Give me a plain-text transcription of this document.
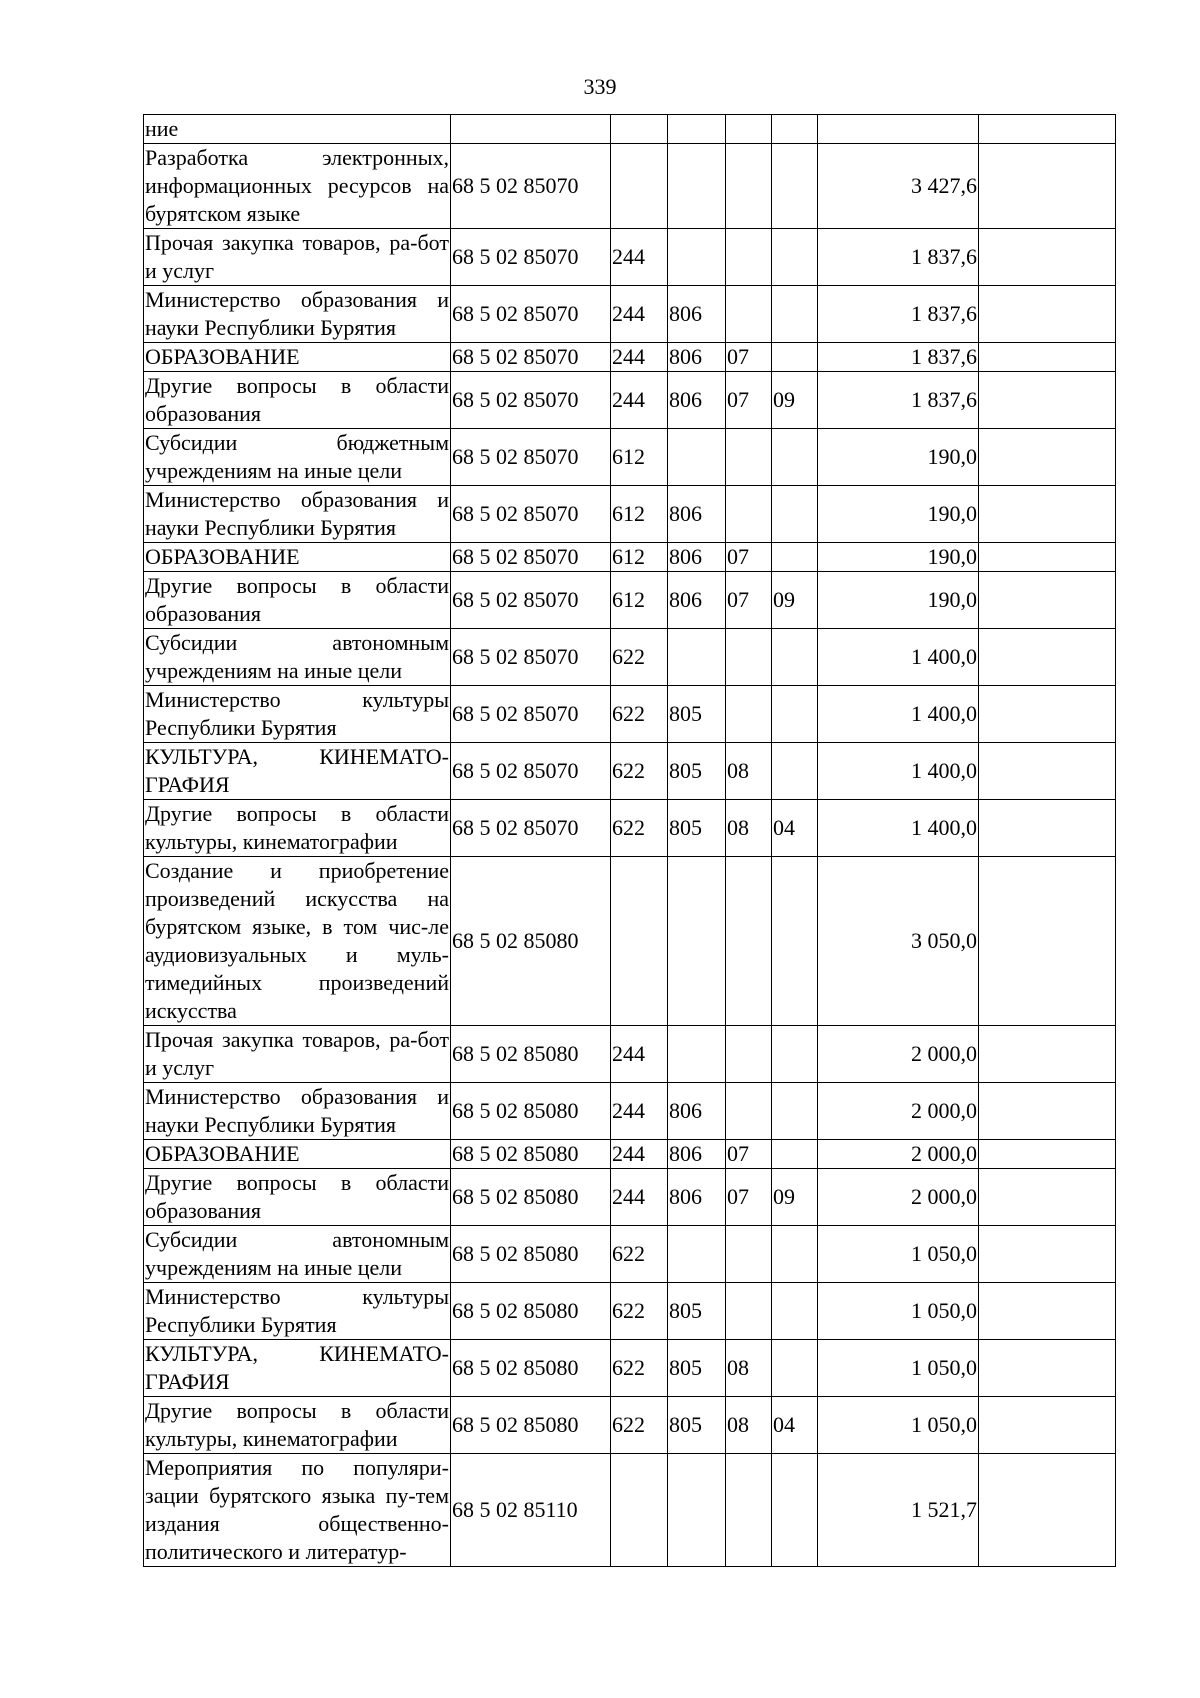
339
ние							
Разработка электронных, информационных ресурсов на бурятском языке	68 5 02 85070					3 427,6	
Прочая закупка товаров, ра-бот и услуг	68 5 02 85070	244				1 837,6	
Министерство образования и науки Республики Бурятия	68 5 02 85070	244	806			1 837,6	
ОБРАЗОВАНИЕ	68 5 02 85070	244	806	07		1 837,6	
Другие вопросы в области образования	68 5 02 85070	244	806	07	09	1 837,6	
Субсидии бюджетным учреждениям на иные цели	68 5 02 85070	612				190,0	
Министерство образования и науки Республики Бурятия	68 5 02 85070	612	806			190,0	
ОБРАЗОВАНИЕ	68 5 02 85070	612	806	07		190,0	
Другие вопросы в области образования	68 5 02 85070	612	806	07	09	190,0	
Субсидии автономным учреждениям на иные цели	68 5 02 85070	622				1 400,0	
Министерство культуры Республики Бурятия	68 5 02 85070	622	805			1 400,0	
КУЛЬТУРА, КИНЕМАТО-ГРАФИЯ	68 5 02 85070	622	805	08		1 400,0	
Другие вопросы в области культуры, кинематографии	68 5 02 85070	622	805	08	04	1 400,0	
Создание и приобретение произведений искусства на бурятском языке, в том чис-ле аудиовизуальных и муль-тимедийных произведений искусства	68 5 02 85080					3 050,0	
Прочая закупка товаров, ра-бот и услуг	68 5 02 85080	244				2 000,0	
Министерство образования и науки Республики Бурятия	68 5 02 85080	244	806			2 000,0	
ОБРАЗОВАНИЕ	68 5 02 85080	244	806	07		2 000,0	
Другие вопросы в области образования	68 5 02 85080	244	806	07	09	2 000,0	
Субсидии автономным учреждениям на иные цели	68 5 02 85080	622				1 050,0	
Министерство культуры Республики Бурятия	68 5 02 85080	622	805			1 050,0	
КУЛЬТУРА, КИНЕМАТО-ГРАФИЯ	68 5 02 85080	622	805	08		1 050,0	
Другие вопросы в области культуры, кинематографии	68 5 02 85080	622	805	08	04	1 050,0	
Мероприятия по популяри-зации бурятского языка пу-тем издания общественно-политического и литератур-	68 5 02 85110					1 521,7	
